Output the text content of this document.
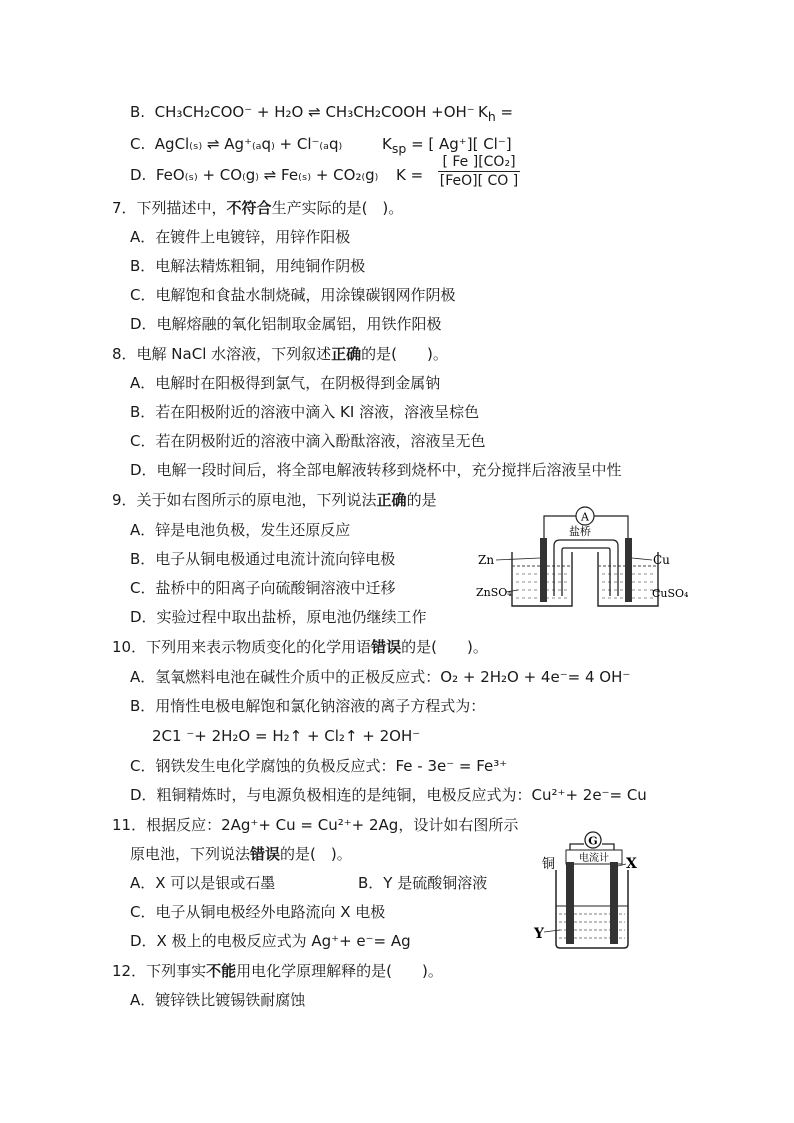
B. CH₃CH₂COO⁻ + H₂O ⇌ CH₃CH₂COOH +OH⁻ $K_h$ =
C. AgCl₍ₛ₎ ⇌ Ag⁺₍ₐq₎ + Cl⁻₍ₐq₎	$K_{sp}$ = [ Ag⁺][ Cl⁻]
D. FeO₍ₛ₎ + CO₍g₎ ⇌ Fe₍ₛ₎ + CO₂₍g₎ K =
[ Fe ][CO₂]
[FeO][ CO ]
7．下列描述中，不符合生产实际的是(　)。
A．在镀件上电镀锌，用锌作阳极
B．电解法精炼粗铜，用纯铜作阴极
C．电解饱和食盐水制烧碱，用涂镍碳钢网作阴极
D．电解熔融的氧化铝制取金属铝，用铁作阳极
8．电解 NaCl 水溶液，下列叙述正确的是(　　)。
A．电解时在阳极得到氯气，在阴极得到金属钠
B．若在阳极附近的溶液中滴入 KI 溶液，溶液呈棕色
C．若在阴极附近的溶液中滴入酚酞溶液，溶液呈无色
D．电解一段时间后，将全部电解液转移到烧杯中，充分搅拌后溶液呈中性
9．关于如右图所示的原电池，下列说法正确的是
A．锌是电池负极，发生还原反应
B．电子从铜电极通过电流计流向锌电极
C．盐桥中的阳离子向硫酸铜溶液中迁移
D．实验过程中取出盐桥，原电池仍继续工作
A
盐桥
Zn	Cu
ZnSO₄	CuSO₄
10．下列用来表示物质变化的化学用语错误的是(　　)。
A．氢氧燃料电池在碱性介质中的正极反应式：O₂ + 2H₂O + 4e⁻= 4 OH⁻
B．用惰性电极电解饱和氯化钠溶液的离子方程式为：
2C1 ⁻+ 2H₂O = H₂↑ + Cl₂↑ + 2OH⁻
C．钢铁发生电化学腐蚀的负极反应式：Fe - 3e⁻ = Fe³⁺
D．粗铜精炼时，与电源负极相连的是纯铜，电极反应式为：Cu²⁺+ 2e⁻= Cu
11．根据反应：2Ag⁺+ Cu = Cu²⁺+ 2Ag，设计如右图所示
原电池，下列说法错误的是(　)。
A．X 可以是银或石墨	B．Y 是硫酸铜溶液
C．电子从铜电极经外电路流向 X 电极
D．X 极上的电极反应式为 Ag⁺+ e⁻= Ag
G
电流计
铜	X
Y
12．下列事实不能用电化学原理解释的是(　　)。
A．镀锌铁比镀锡铁耐腐蚀
